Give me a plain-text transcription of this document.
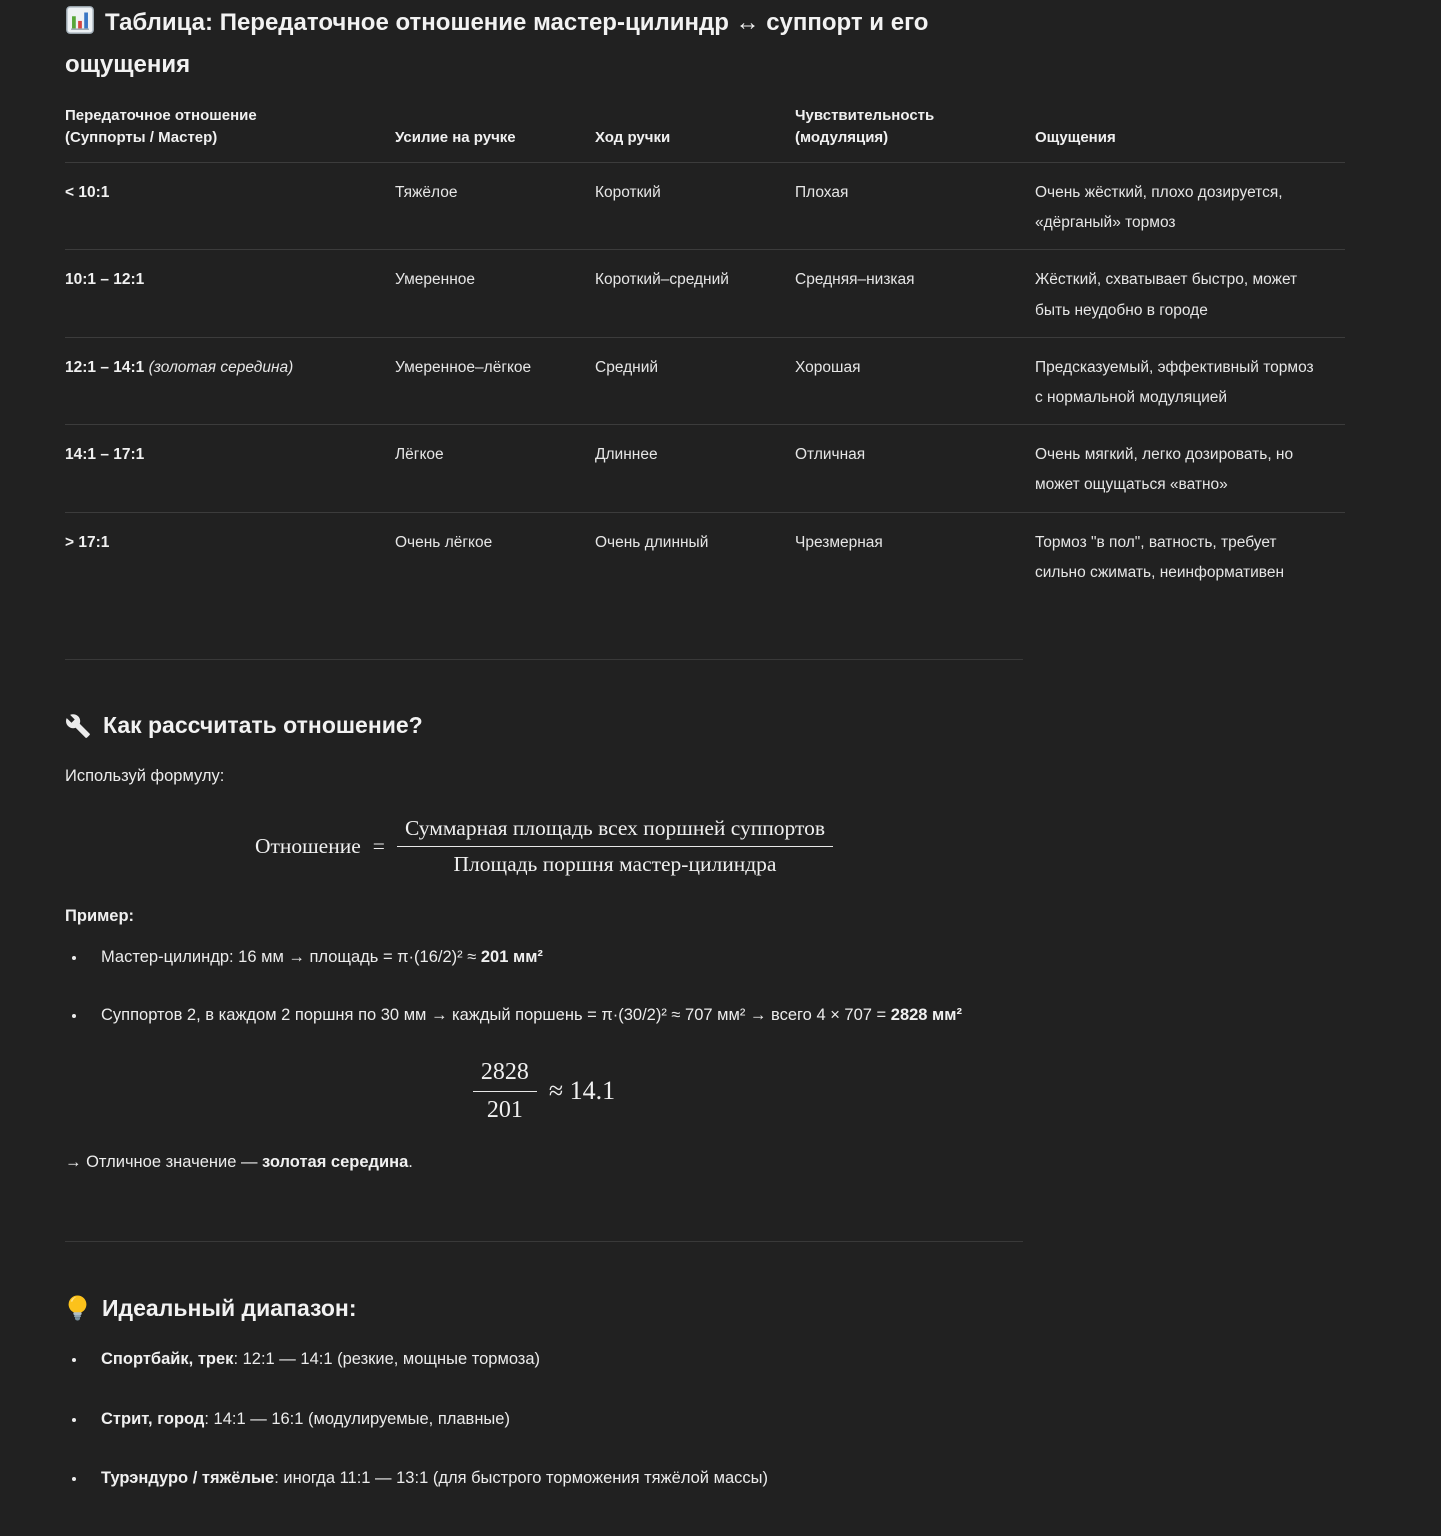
Таблица: Передаточное отношение мастер-цилиндр ↔ суппорт и его ощущения
Передаточное отношение (Суппорты / Мастер)	Усилие на ручке	Ход ручки	Чувствительность (модуляция)	Ощущения
< 10:1	Тяжёлое	Короткий	Плохая	Очень жёсткий, плохо дозируется, «дёрганый» тормоз
10:1 – 12:1	Умеренное	Короткий–средний	Средняя–низкая	Жёсткий, схватывает быстро, может быть неудобно в городе
12:1 – 14:1 (золотая середина)	Умеренное–лёгкое	Средний	Хорошая	Предсказуемый, эффективный тормоз с нормальной модуляцией
14:1 – 17:1	Лёгкое	Длиннее	Отличная	Очень мягкий, легко дозировать, но может ощущаться «ватно»
> 17:1	Очень лёгкое	Очень длинный	Чрезмерная	Тормоз "в пол", ватность, требует сильно сжимать, неинформативен
Как рассчитать отношение?

Используй формулу:

Отношение = $\frac{\text{Суммарная площадь всех поршней суппортов}}{\text{Площадь поршня мастер-цилиндра}}$

Пример:

• Мастер-цилиндр: 16 мм → площадь = π·(16/2)² ≈ 201 мм²
• Суппортов 2, в каждом 2 поршня по 30 мм → каждый поршень = π·(30/2)² ≈ 707 мм² → всего 4 × 707 = 2828 мм²
$\frac{2828}{201} \approx 14.1$

→ Отличное значение — золотая середина.

Идеальный диапазон:
• Спортбайк, трек: 12:1 — 14:1 (резкие, мощные тормоза)
• Стрит, город: 14:1 — 16:1 (модулируемые, плавные)
• Турэндуро / тяжёлые: иногда 11:1 — 13:1 (для быстрого торможения тяжёлой массы)
